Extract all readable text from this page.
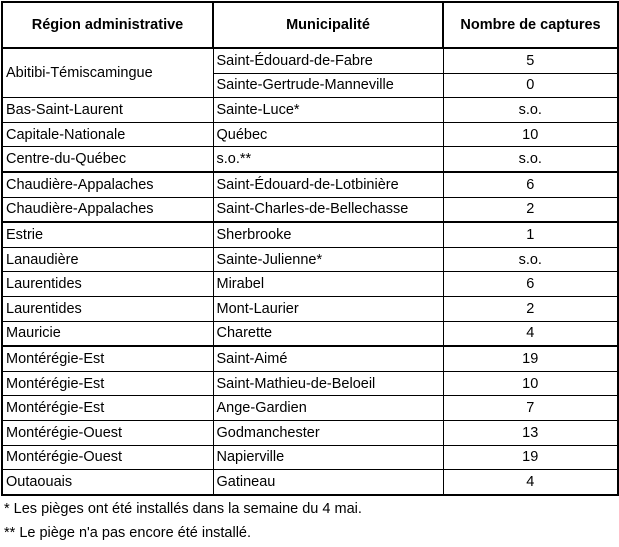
Région administrative	Municipalité	Nombre de captures
Abitibi-Témiscamingue	Saint-Édouard-de-Fabre	5
	Sainte-Gertrude-Manneville	0
Bas-Saint-Laurent	Sainte-Luce*	s.o.
Capitale-Nationale	Québec	10
Centre-du-Québec	s.o.**	s.o.
Chaudière-Appalaches	Saint-Édouard-de-Lotbinière	6
Chaudière-Appalaches	Saint-Charles-de-Bellechasse	2
Estrie	Sherbrooke	1
Lanaudière	Sainte-Julienne*	s.o.
Laurentides	Mirabel	6
Laurentides	Mont-Laurier	2
Mauricie	Charette	4
Montérégie-Est	Saint-Aimé	19
Montérégie-Est	Saint-Mathieu-de-Beloeil	10
Montérégie-Est	Ange-Gardien	7
Montérégie-Ouest	Godmanchester	13
Montérégie-Ouest	Napierville	19
Outaouais	Gatineau	4
* Les pièges ont été installés dans la semaine du 4 mai.
** Le piège n'a pas encore été installé.
